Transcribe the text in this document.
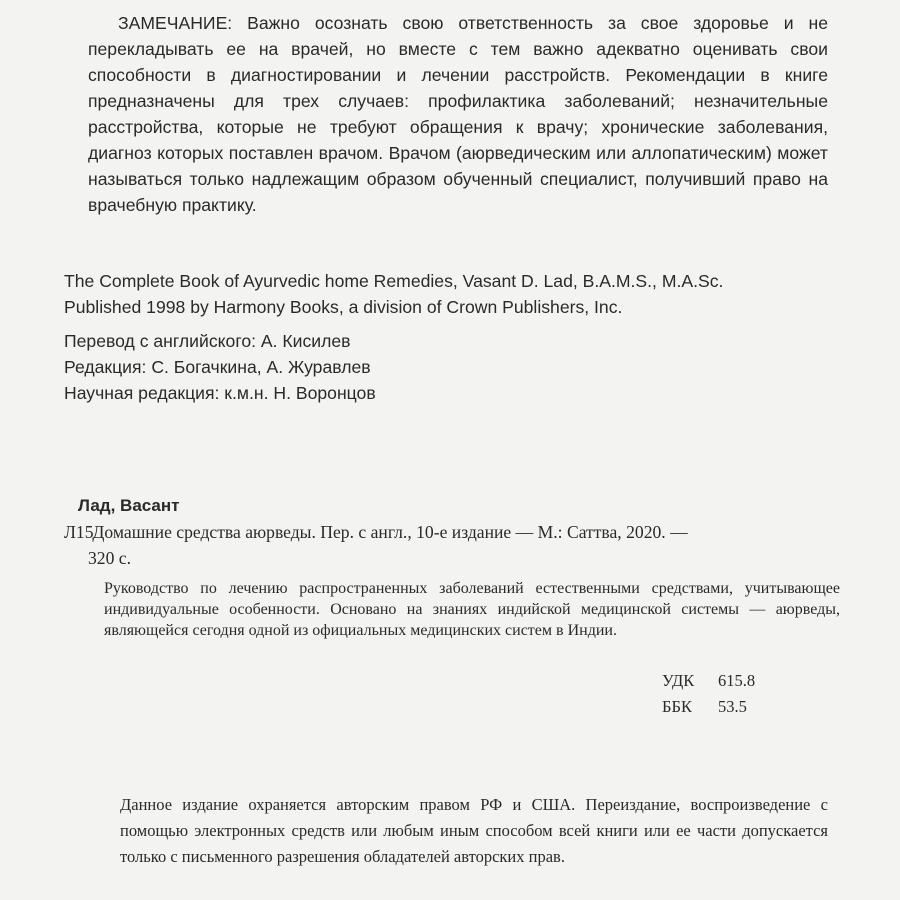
ЗАМЕЧАНИЕ: Важно осознать свою ответственность за свое здоровье и не перекладывать ее на врачей, но вместе с тем важно адекватно оценивать свои способности в диагностировании и лечении расстройств. Рекомендации в книге предназначены для трех случаев: профилактика заболеваний; незначительные расстройства, которые не требуют обращения к врачу; хронические заболевания, диагноз которых поставлен врачом. Врачом (аюрведическим или аллопатическим) может называться только надлежащим образом обученный специалист, получивший право на врачебную практику.

The Complete Book of Ayurvedic home Remedies, Vasant D. Lad, B.A.M.S., M.A.Sc.
Published 1998 by Harmony Books, a division of Crown Publishers, Inc.
Перевод с английского: А. Кисилев
Редакция: С. Богачкина, А. Журавлев
Научная редакция: к.м.н. Н. Воронцов
Лад, Васант
Л15 Домашние средства аюрведы. Пер. с англ., 10-е издание — М.: Саттва, 2020. —
320 с.

Руководство по лечению распространенных заболеваний естественными средствами, учитывающее индивидуальные особенности. Основано на знаниях индийской медицинской системы — аюрведы, являющейся сегодня одной из официальных медицинских систем в Индии.

УДК 615.8
ББК 53.5

Данное издание охраняется авторским правом РФ и США. Переиздание, воспроизведение с помощью электронных средств или любым иным способом всей книги или ее части допускается только с письменного разрешения обладателей авторских прав.
